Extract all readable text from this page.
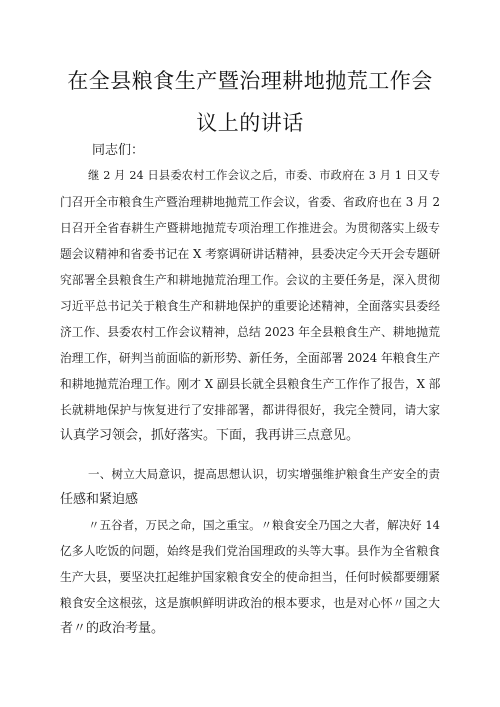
在全县粮食生产暨治理耕地抛荒工作会
议上的讲话
同志们：
继 2 月 24 日县委农村工作会议之后，市委、市政府在 3 月 1 日又专
门召开全市粮食生产暨治理耕地抛荒工作会议，省委、省政府也在 3 月 2
日召开全省春耕生产暨耕地抛荒专项治理工作推进会。为贯彻落实上级专
题会议精神和省委书记在 X 考察调研讲话精神，县委决定今天开会专题研
究部署全县粮食生产和耕地抛荒治理工作。会议的主要任务是，深入贯彻
习近平总书记关于粮食生产和耕地保护的重要论述精神，全面落实县委经
济工作、县委农村工作会议精神，总结 2023 年全县粮食生产、耕地抛荒
治理工作，研判当前面临的新形势、新任务，全面部署 2024 年粮食生产
和耕地抛荒治理工作。刚才 X 副县长就全县粮食生产工作作了报告，X 部
长就耕地保护与恢复进行了安排部署，都讲得很好，我完全赞同，请大家
认真学习领会，抓好落实。下面，我再讲三点意见。
一、树立大局意识，提高思想认识，切实增强维护粮食生产安全的责
任感和紧迫感
〃五谷者，万民之命，国之重宝。〃粮食安全乃国之大者，解决好 14
亿多人吃饭的问题，始终是我们党治国理政的头等大事。县作为全省粮食
生产大县，要坚决扛起维护国家粮食安全的使命担当，任何时候都要绷紧
粮食安全这根弦，这是旗帜鲜明讲政治的根本要求，也是对心怀〃国之大
者〃的政治考量。
